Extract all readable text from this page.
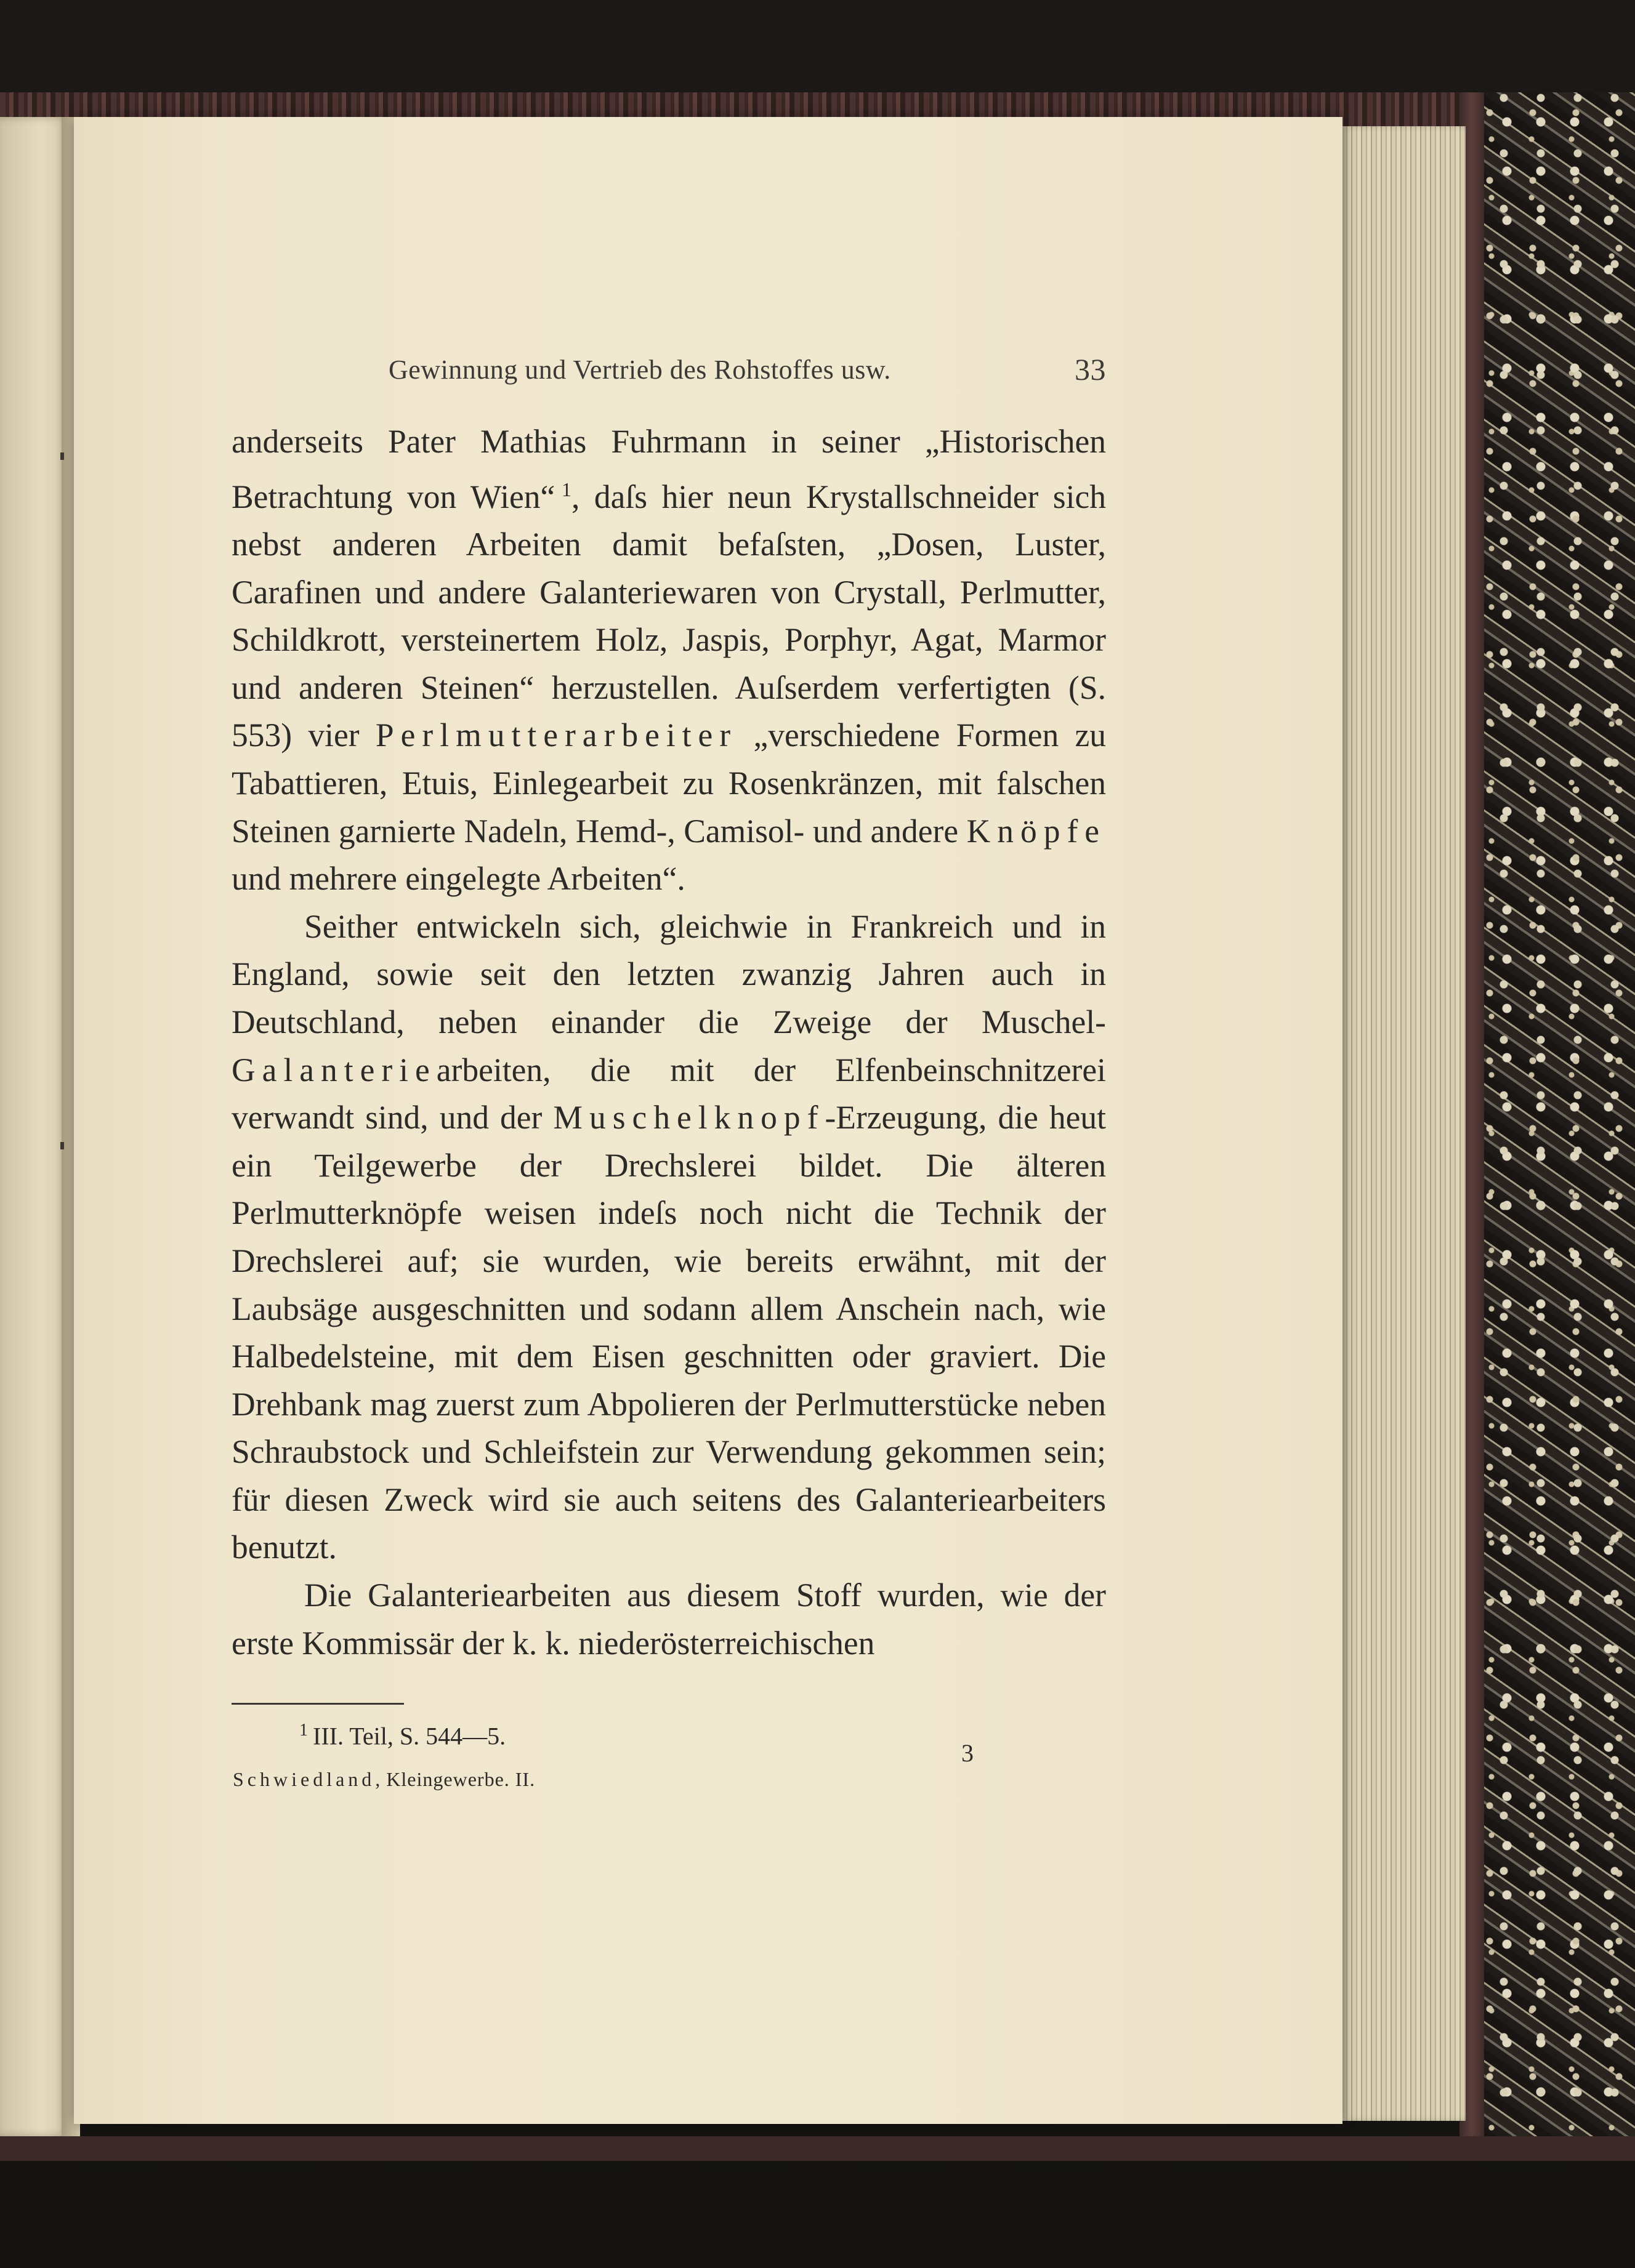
Gewinnung und Vertrieb des Rohstoffes usw.	33

anderseits Pater Mathias Fuhrmann in seiner „Historischen Betrachtung von Wien“  $^1$, daſs hier neun Krystallschneider sich nebst anderen Arbeiten damit befaſsten, „Dosen, Luster, Carafinen und andere Galanteriewaren von Crystall, Perlmutter, Schildkrott, versteinertem Holz, Jaspis, Porphyr, Agat, Marmor und anderen Steinen“ herzustellen. Auſserdem verfertigten (S. 553) vier Perlmutterarbeiter „verschiedene Formen zu Tabattieren, Etuis, Einlegearbeit zu Rosenkränzen, mit falschen Steinen garnierte Nadeln, Hemd-, Camisol- und andere Knöpfe und mehrere eingelegte Arbeiten“.

Seither entwickeln sich, gleichwie in Frankreich und in England, sowie seit den letzten zwanzig Jahren auch in Deutschland, neben einander die Zweige der Muschel- Galanteriearbeiten, die mit der Elfenbeinschnitzerei verwandt sind, und der Muschelknopf-Erzeugung, die heut ein Teilgewerbe der Drechslerei bildet. Die älteren Perlmutterknöpfe weisen indeſs noch nicht die Technik der Drechslerei auf; sie wurden, wie bereits erwähnt, mit der Laubsäge ausgeschnitten und sodann allem Anschein nach, wie Halbedelsteine, mit dem Eisen geschnitten oder graviert. Die Drehbank mag zuerst zum Abpolieren der Perlmutterstücke neben Schraubstock und Schleifstein zur Verwendung gekommen sein; für diesen Zweck wird sie auch seitens des Galanteriearbeiters benutzt.

Die Galanteriearbeiten aus diesem Stoff wurden, wie der erste Kommissär der k. k. niederösterreichischen

$^1$  III. Teil, S. 544—5.
Schwiedland, Kleingewerbe. II.
3
